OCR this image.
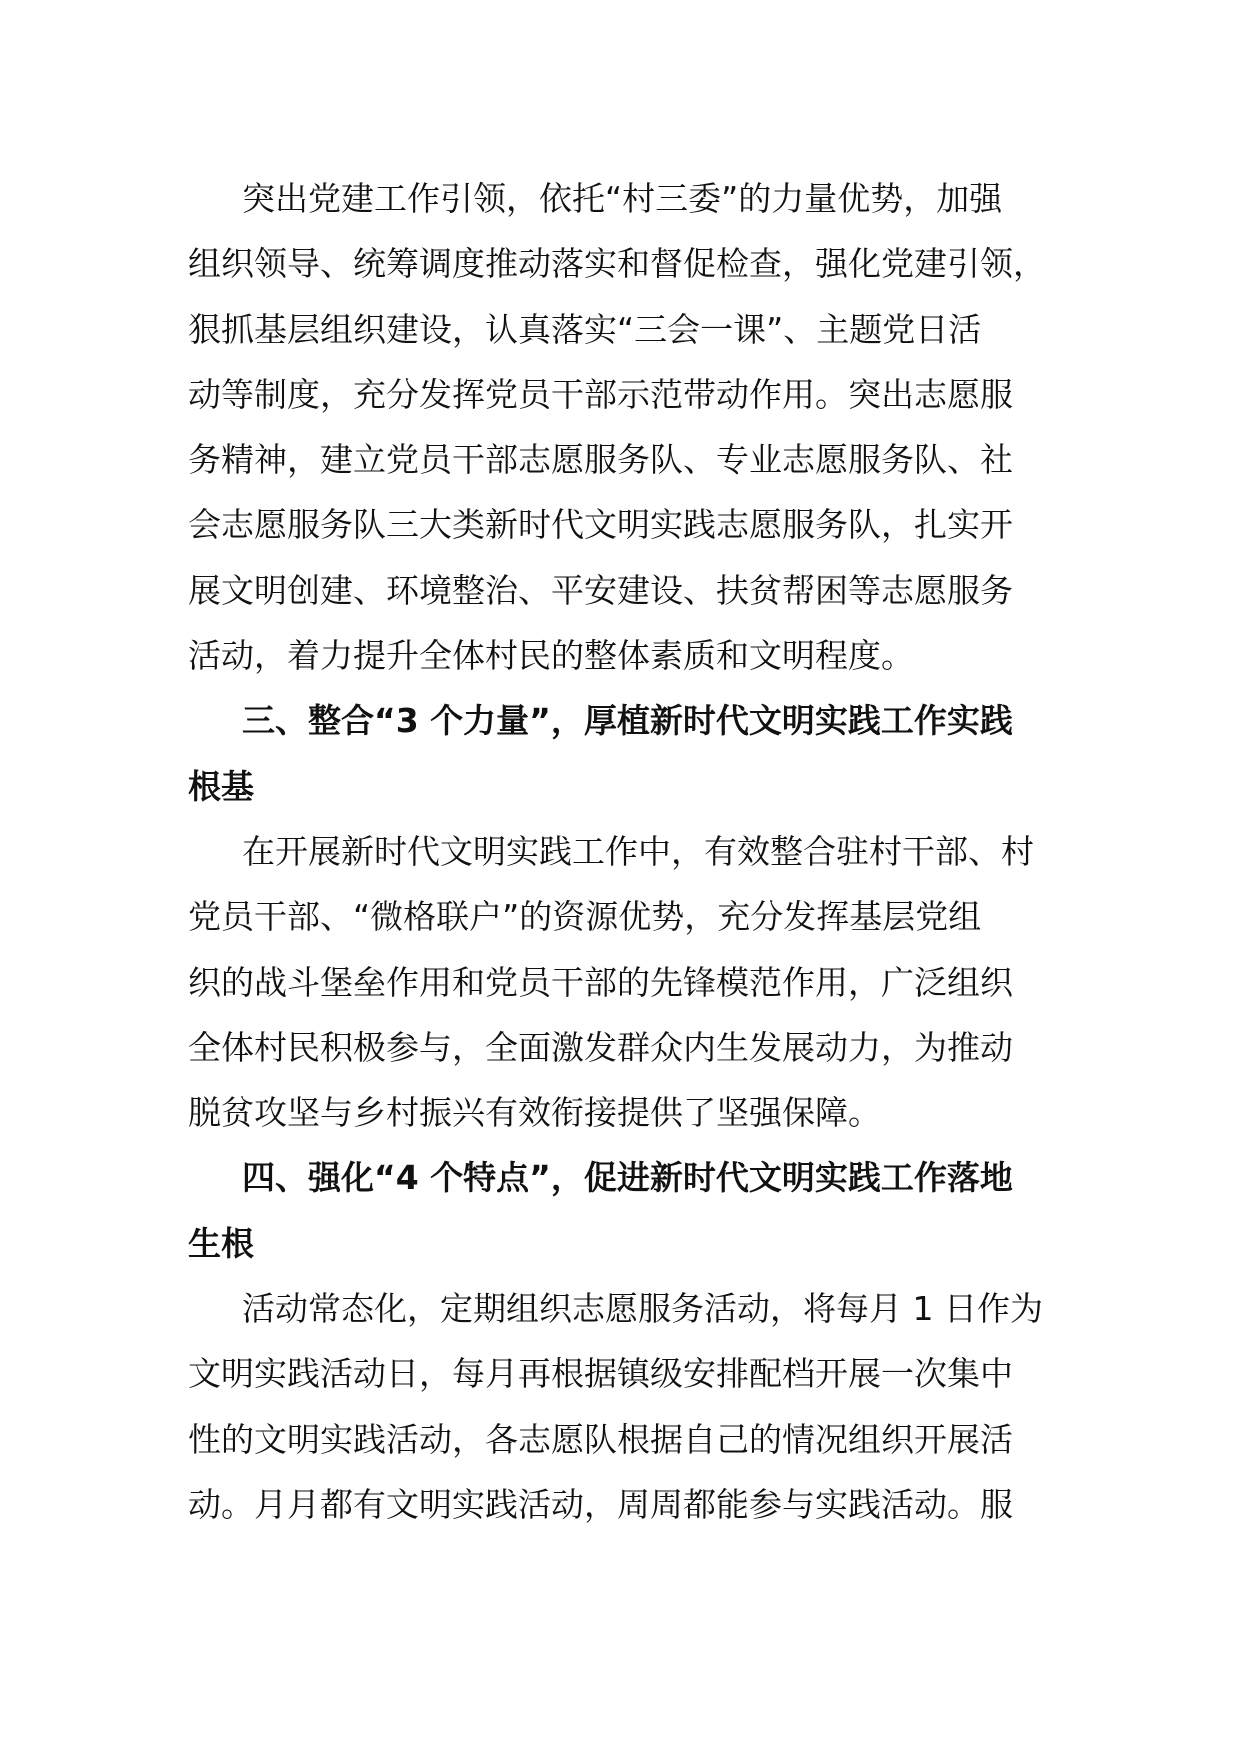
突出党建工作引领，依托“村三委”的力量优势，加强
组织领导、统筹调度推动落实和督促检查，强化党建引领，
狠抓基层组织建设，认真落实“三会一课”、主题党日活
动等制度，充分发挥党员干部示范带动作用。突出志愿服
务精神，建立党员干部志愿服务队、专业志愿服务队、社
会志愿服务队三大类新时代文明实践志愿服务队，扎实开
展文明创建、环境整治、平安建设、扶贫帮困等志愿服务
活动，着力提升全体村民的整体素质和文明程度。
三、整合“3 个力量”，厚植新时代文明实践工作实践
根基
在开展新时代文明实践工作中，有效整合驻村干部、村
党员干部、“微格联户”的资源优势，充分发挥基层党组
织的战斗堡垒作用和党员干部的先锋模范作用，广泛组织
全体村民积极参与，全面激发群众内生发展动力，为推动
脱贫攻坚与乡村振兴有效衔接提供了坚强保障。
四、强化“4 个特点”，促进新时代文明实践工作落地
生根
活动常态化，定期组织志愿服务活动，将每月 1 日作为
文明实践活动日，每月再根据镇级安排配档开展一次集中
性的文明实践活动，各志愿队根据自己的情况组织开展活
动。月月都有文明实践活动，周周都能参与实践活动。服
